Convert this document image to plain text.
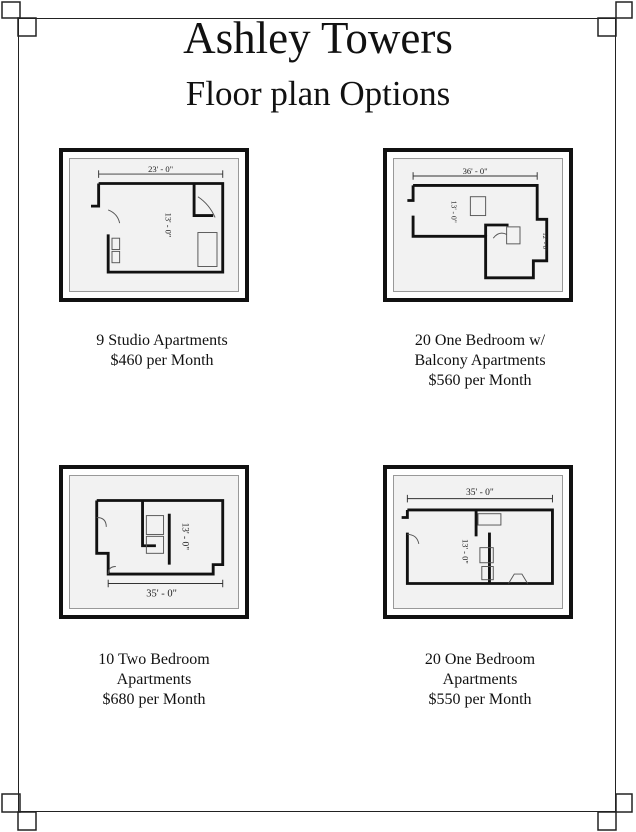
Ashley Towers
Floor plan Options
23' - 0"
13' - 0"
9 Studio Apartments
$460 per Month
36' - 0"
13' - 0"
12' - 0"
20 One Bedroom w/
Balcony Apartments
$560 per Month
35' - 0"
13' - 0"
10 Two Bedroom
Apartments
$680 per Month
35' - 0"
13' - 0"
20 One Bedroom
Apartments
$550 per Month
